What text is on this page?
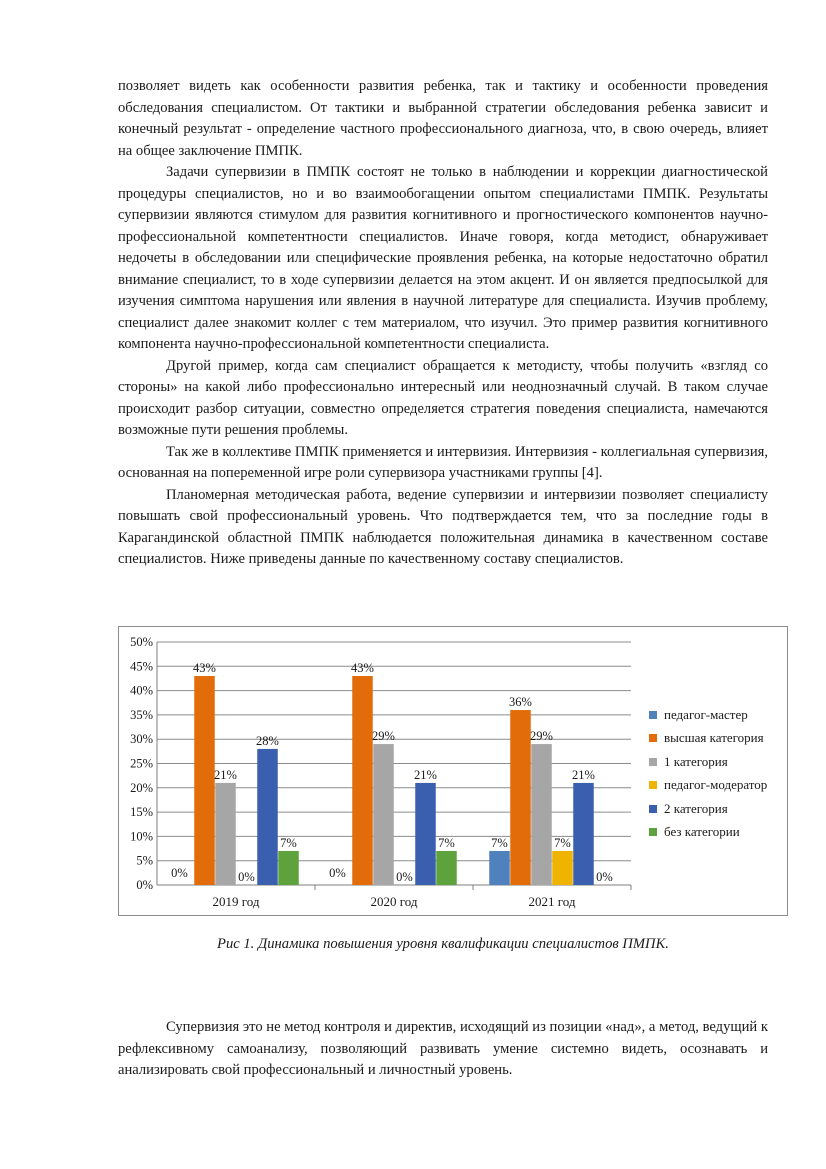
позволяет видеть как особенности развития ребенка, так и тактику и особенности проведения обследования специалистом. От тактики и выбранной стратегии обследования ребенка зависит и конечный результат - определение частного профессионального диагноза, что, в свою очередь, влияет на общее заключение ПМПК.

Задачи супервизии в ПМПК состоят не только в наблюдении и коррекции диагностической процедуры специалистов, но и во взаимообогащении опытом специалистами ПМПК. Результаты супервизии являются стимулом для развития когнитивного и прогностического компонентов научно-профессиональной компетентности специалистов. Иначе говоря, когда методист, обнаруживает недочеты в обследовании или специфические проявления ребенка, на которые недостаточно обратил внимание специалист, то в ходе супервизии делается на этом акцент. И он является предпосылкой для изучения симптома нарушения или явления в научной литературе для специалиста. Изучив проблему, специалист далее знакомит коллег с тем материалом, что изучил. Это пример развития когнитивного компонента научно-профессиональной компетентности специалиста.

Другой пример, когда сам специалист обращается к методисту, чтобы получить «взгляд со стороны» на какой либо профессионально интересный или неоднозначный случай. В таком случае происходит разбор ситуации, совместно определяется стратегия поведения специалиста, намечаются возможные пути решения проблемы.

Так же в коллективе ПМПК применяется и интервизия. Интервизия - коллегиальная супервизия, основанная на попеременной игре роли супервизора участниками группы [4].

Планомерная методическая работа, ведение супервизии и интервизии позволяет специалисту повышать свой профессиональный уровень. Что подтверждается тем, что за последние годы в Карагандинской областной ПМПК наблюдается положительная динамика в качественном составе специалистов. Ниже приведены данные по качественному составу специалистов.

0%
5%
10%
15%
20%
25%
30%
35%
40%
45%
50%
2019 год
43%
21%
0%
28%
7%
0%
2020 год
43%
29%
0%
21%
7%
0%
2021 год
7%
36%
29%
7%
21%
0%
педагог-мастер
высшая категория
1 категория
педагог-модератор
2 категория
без категории
Рис 1. Динамика повышения уровня квалификации специалистов ПМПК.

Супервизия это не метод контроля и директив, исходящий из позиции «над», а метод, ведущий к рефлексивному самоанализу, позволяющий развивать умение системно видеть, осознавать и анализировать свой профессиональный и личностный уровень.
